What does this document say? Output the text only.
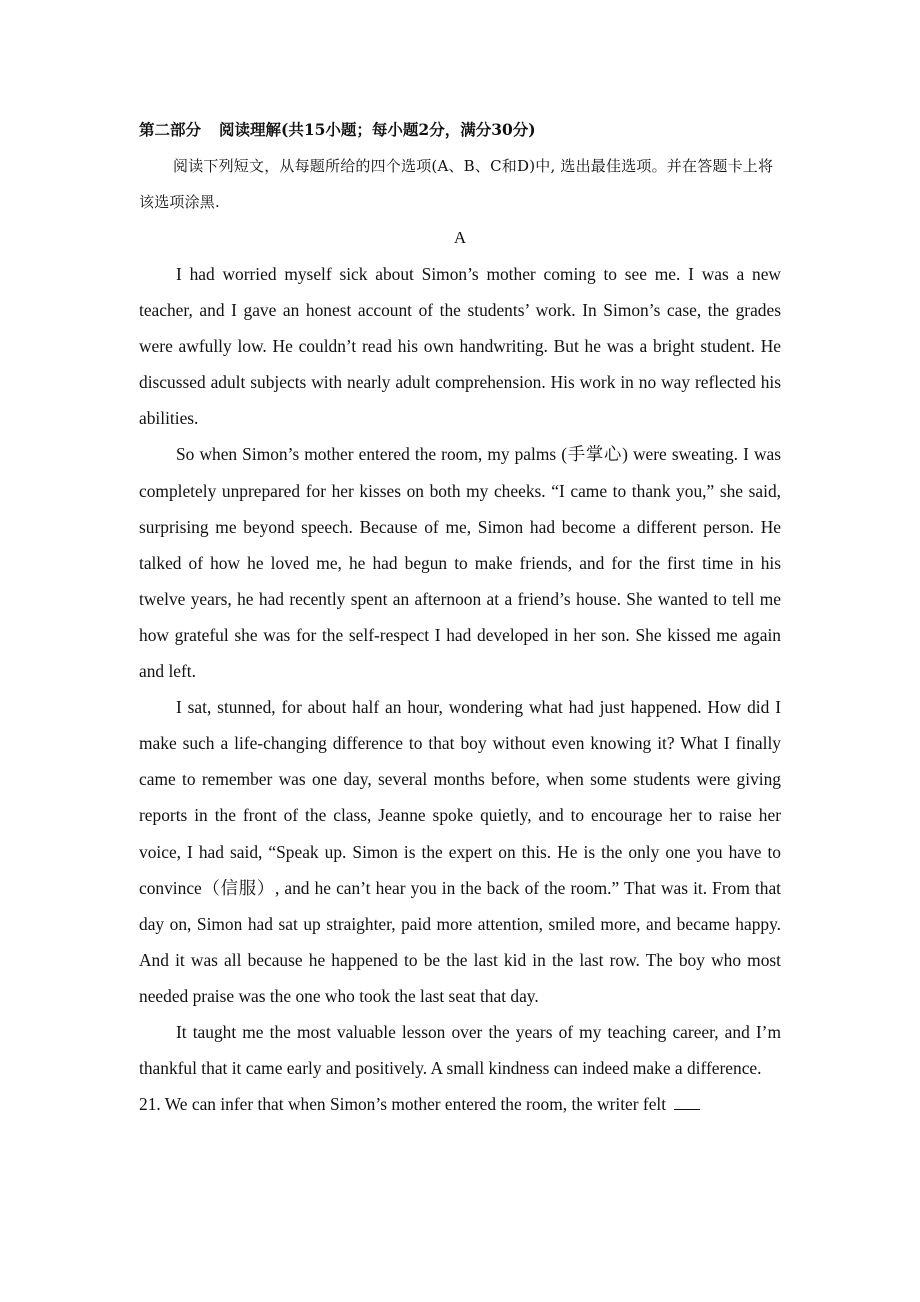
第二部分 阅读理解(共15小题；每小题2分，满分30分)

阅读下列短文，从每题所给的四个选项(A、B、C和D)中, 选出最佳选项。并在答题卡上将该选项涂黑.

A

I had worried myself sick about Simon’s mother coming to see me. I was a new teacher, and I gave an honest account of the students’ work. In Simon’s case, the grades were awfully low. He couldn’t read his own handwriting. But he was a bright student. He discussed adult subjects with nearly adult comprehension. His work in no way reflected his abilities.

So when Simon’s mother entered the room, my palms (手掌心) were sweating. I was completely unprepared for her kisses on both my cheeks. “I came to thank you,” she said, surprising me beyond speech. Because of me, Simon had become a different person. He talked of how he loved me, he had begun to make friends, and for the first time in his twelve years, he had recently spent an afternoon at a friend’s house. She wanted to tell me how grateful she was for the self-respect I had developed in her son. She kissed me again and left.

I sat, stunned, for about half an hour, wondering what had just happened. How did I make such a life-changing difference to that boy without even knowing it? What I finally came to remember was one day, several months before, when some students were giving reports in the front of the class, Jeanne spoke quietly, and to encourage her to raise her voice, I had said, “Speak up. Simon is the expert on this. He is the only one you have to convince（信服）, and he can’t hear you in the back of the room.” That was it. From that day on, Simon had sat up straighter, paid more attention, smiled more, and became happy. And it was all because he happened to be the last kid in the last row. The boy who most needed praise was the one who took the last seat that day.

It taught me the most valuable lesson over the years of my teaching career, and I’m thankful that it came early and positively. A small kindness can indeed make a difference.

21. We can infer that when Simon’s mother entered the room, the writer felt
